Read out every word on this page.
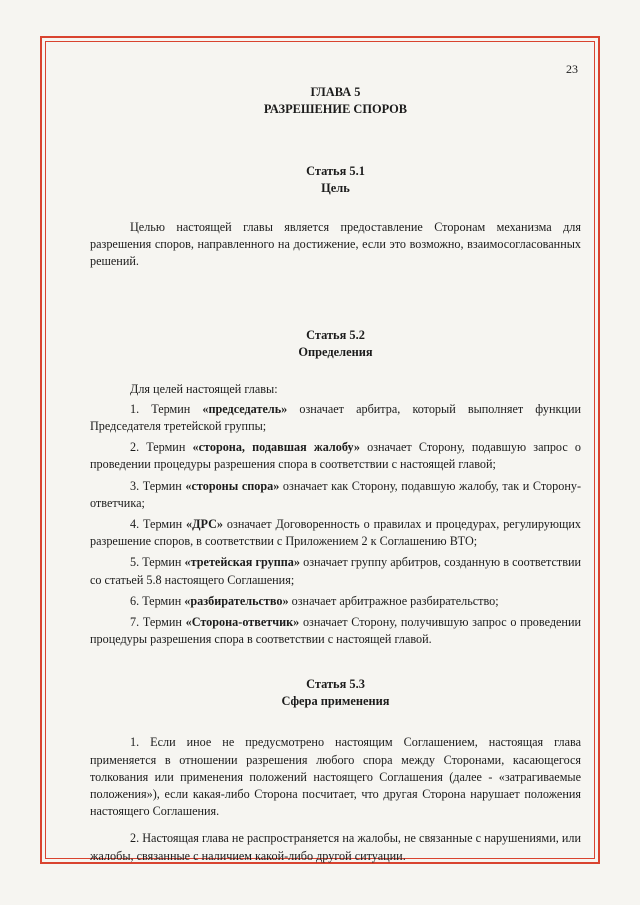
23

ГЛАВА 5

РАЗРЕШЕНИЕ СПОРОВ

Статья 5.1

Цель

Целью настоящей главы является предоставление Сторонам механизма для разрешения споров, направленного на достижение, если это возможно, взаимосогласованных решений.

Статья 5.2

Определения

Для целей настоящей главы:

1. Термин «председатель» означает арбитра, который выполняет функции Председателя третейской группы;

2. Термин «сторона, подавшая жалобу» означает Сторону, подавшую запрос о проведении процедуры разрешения спора в соответствии с настоящей главой;

3. Термин «стороны спора» означает как Сторону, подавшую жалобу, так и Сторону-ответчика;

4. Термин «ДРС» означает Договоренность о правилах и процедурах, регулирующих разрешение споров, в соответствии с Приложением 2 к Соглашению ВТО;

5. Термин «третейская группа» означает группу арбитров, созданную в соответствии со статьей 5.8 настоящего Соглашения;

6. Термин «разбирательство» означает арбитражное разбирательство;

7. Термин «Сторона-ответчик» означает Сторону, получившую запрос о проведении процедуры разрешения спора в соответствии с настоящей главой.

Статья 5.3

Сфера применения

1. Если иное не предусмотрено настоящим Соглашением, настоящая глава применяется в отношении разрешения любого спора между Сторонами, касающегося толкования или применения положений настоящего Соглашения (далее - «затрагиваемые положения»), если какая-либо Сторона посчитает, что другая Сторона нарушает положения настоящего Соглашения.

2. Настоящая глава не распространяется на жалобы, не связанные с нарушениями, или жалобы, связанные с наличием какой-либо другой ситуации.
